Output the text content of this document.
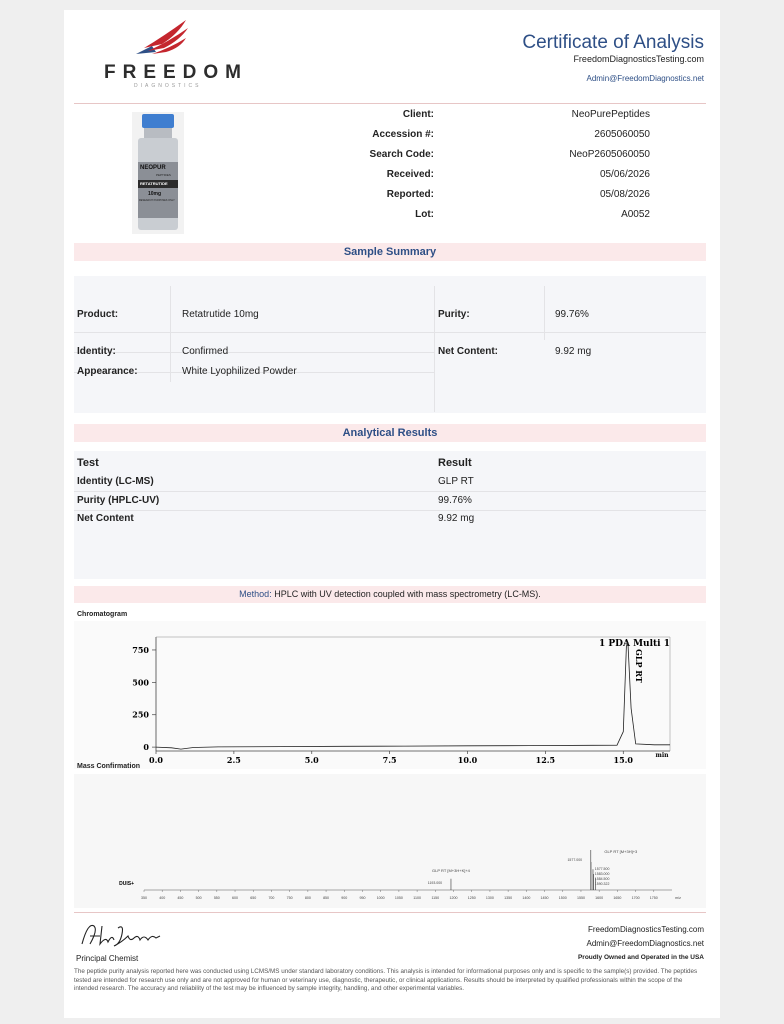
FREEDOM
DIAGNOSTICS
Certificate of Analysis
FreedomDiagnosticsTesting.com
Admin@FreedomDiagnostics.net
NEOPUR
PEPTIDES
RETATRUTIDE
10mg
RESEARCH PURPOSES ONLY
Client:	NeoPurePeptides
Accession #:	2605060050
Search Code:	NeoP2605060050
Received:	05/06/2026
Reported:	05/08/2026
Lot:	A0052
Sample Summary
Product:	Retatrutide 10mg	Purity:	99.76%
Identity:	Confirmed	Net Content:	9.92 mg
Appearance:	White Lyophilized Powder
Analytical Results
Test	Result
Identity (LC-MS)	GLP RT
Purity (HPLC-UV)	99.76%
Net Content	9.92 mg
Method: HPLC with UV detection coupled with mass spectrometry (LC-MS).
Chromatogram
0
250
500
750
0.0	2.5	5.0	7.5	10.0	12.5	15.0	min
1 PDA Multi 1
GLP RT
Mass Confirmation
DUIS+
350	400	450	500	550	600	650	700	750	800	850	900	950	1000	1050	1100	1150	1200	1250	1300	1350	1400	1450	1500	1550	1600	1650	1700	1750	m/z
GLP RT [M+3H+K]+4
1193.000
GLP RT [M+3H]+3
1577.000
1577.500
1583.000
1584.500
1590.322
Principal Chemist
FreedomDiagnosticsTesting.com
Admin@FreedomDiagnostics.net
Proudly Owned and Operated in the USA
The peptide purity analysis reported here was conducted using LCMS/MS under standard laboratory conditions. This analysis is intended for informational purposes only and is specific to the sample(s) provided. The peptides tested are intended for research use only and are not approved for human or veterinary use, diagnostic, therapeutic, or clinical applications. Results should be interpreted by qualified professionals within the scope of the intended research. The accuracy and reliability of the test may be influenced by sample integrity, handling, and other experimental variables.
